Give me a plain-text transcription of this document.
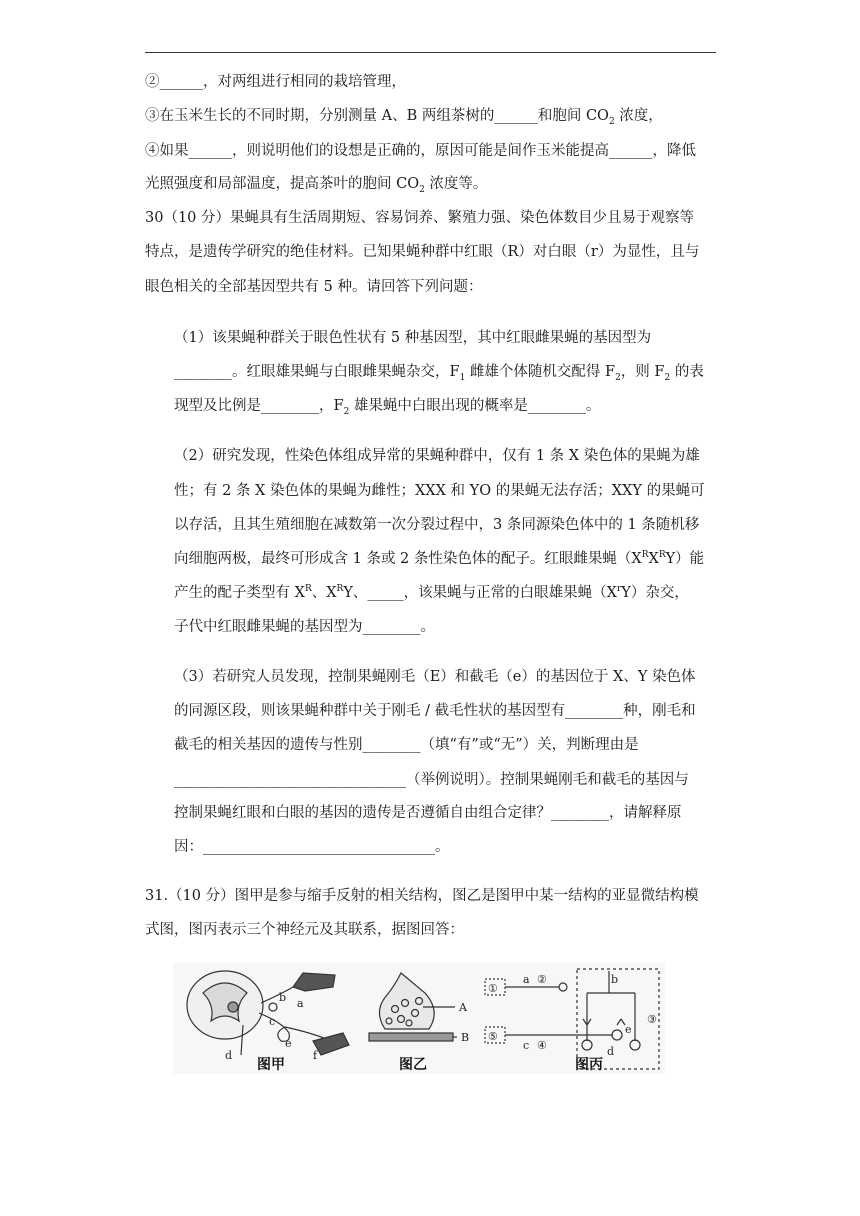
②______，对两组进行相同的栽培管理，
③在玉米生长的不同时期，分别测量 A、B 两组茶树的______和胞间 $CO_2$ 浓度，
④如果______，则说明他们的设想是正确的，原因可能是间作玉米能提高______，降低
光照强度和局部温度，提高茶叶的胞间 $CO_2$ 浓度等。
30（10 分）果蝇具有生活周期短、容易饲养、繁殖力强、染色体数目少且易于观察等
特点，是遗传学研究的绝佳材料。已知果蝇种群中红眼（R）对白眼（r）为显性，且与
眼色相关的全部基因型共有 5 种。请回答下列问题：
（1）该果蝇种群关于眼色性状有 5 种基因型，其中红眼雌果蝇的基因型为
________。红眼雄果蝇与白眼雌果蝇杂交，$F_1$ 雌雄个体随机交配得 $F_2$，则 $F_2$ 的表
现型及比例是________，$F_2$ 雄果蝇中白眼出现的概率是________。
（2）研究发现，性染色体组成异常的果蝇种群中，仅有 1 条 X 染色体的果蝇为雄
性；有 2 条 X 染色体的果蝇为雌性；XXX 和 YO 的果蝇无法存活；XXY 的果蝇可
以存活，且其生殖细胞在减数第一次分裂过程中，3 条同源染色体中的 1 条随机移
向细胞两极，最终可形成含 1 条或 2 条性染色体的配子。红眼雌果蝇$(X^RX^RY)$能
产生的配子类型有 $X^R$、$X^RY$、_____，该果蝇与正常的白眼雄果蝇$(X^rY)$杂交，
子代中红眼雌果蝇的基因型为________。
（3）若研究人员发现，控制果蝇刚毛（E）和截毛（e）的基因位于 X、Y 染色体
的同源区段，则该果蝇种群中关于刚毛 / 截毛性状的基因型有________种，刚毛和
截毛的相关基因的遗传与性别________（填“有”或“无”）关，判断理由是
________________________________（举例说明）。控制果蝇刚毛和截毛的基因与
控制果蝇红眼和白眼的基因的遗传是否遵循自由组合定律？________，请解释原
因：________________________________。
31.（10 分）图甲是参与缩手反射的相关结构，图乙是图甲中某一结构的亚显微结构模
式图，图丙表示三个神经元及其联系，据图回答：
b a
c
d
e
f
A
B
①
a ②	b
③
e
⑤
c ④	d
图甲	图乙	图丙
